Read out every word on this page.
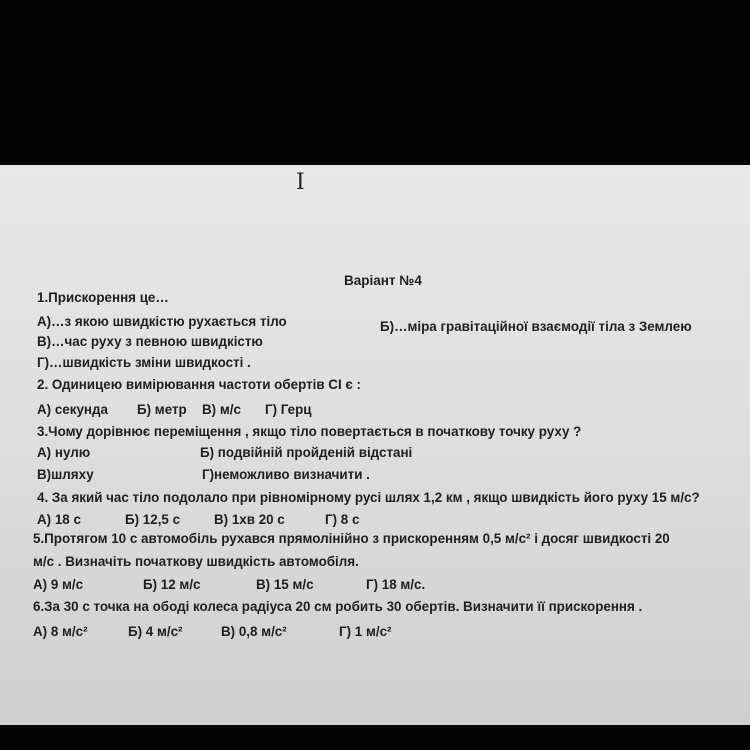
I
Варіант №4
1.Прискорення це…
А)…з якою швидкістю рухається тіло	Б)…міра гравітаційної взаємодії тіла з Землею
В)…час руху з певною швидкістю
Г)…швидкість зміни швидкості .
2. Одиницею вимірювання частоти обертів СІ є :
А) секунда Б) метр В) м/с Г) Герц
3.Чому дорівнює переміщення , якщо тіло повертається в початкову точку руху ?
А) нулю	Б) подвійній пройденій відстані
В)шляху	Г)неможливо визначити .
4. За який час тіло подолало при рівномірному русі шлях 1,2 км , якщо швидкість його руху 15 м/с?
А) 18 с	Б) 12,5 с	В) 1хв 20 с	Г) 8 с
5.Протягом 10 с автомобіль рухався прямолінійно з прискоренням 0,5 м/с² і досяг швидкості 20
м/с . Визначіть початкову швидкість автомобіля.
А) 9 м/с	Б) 12 м/с	В) 15 м/с	Г) 18 м/с.
6.За 30 с точка на ободі колеса радіуса 20 см робить 30 обертів. Визначити її прискорення .
А) 8 м/с²	Б) 4 м/с²	В) 0,8 м/с²	Г) 1 м/с²
